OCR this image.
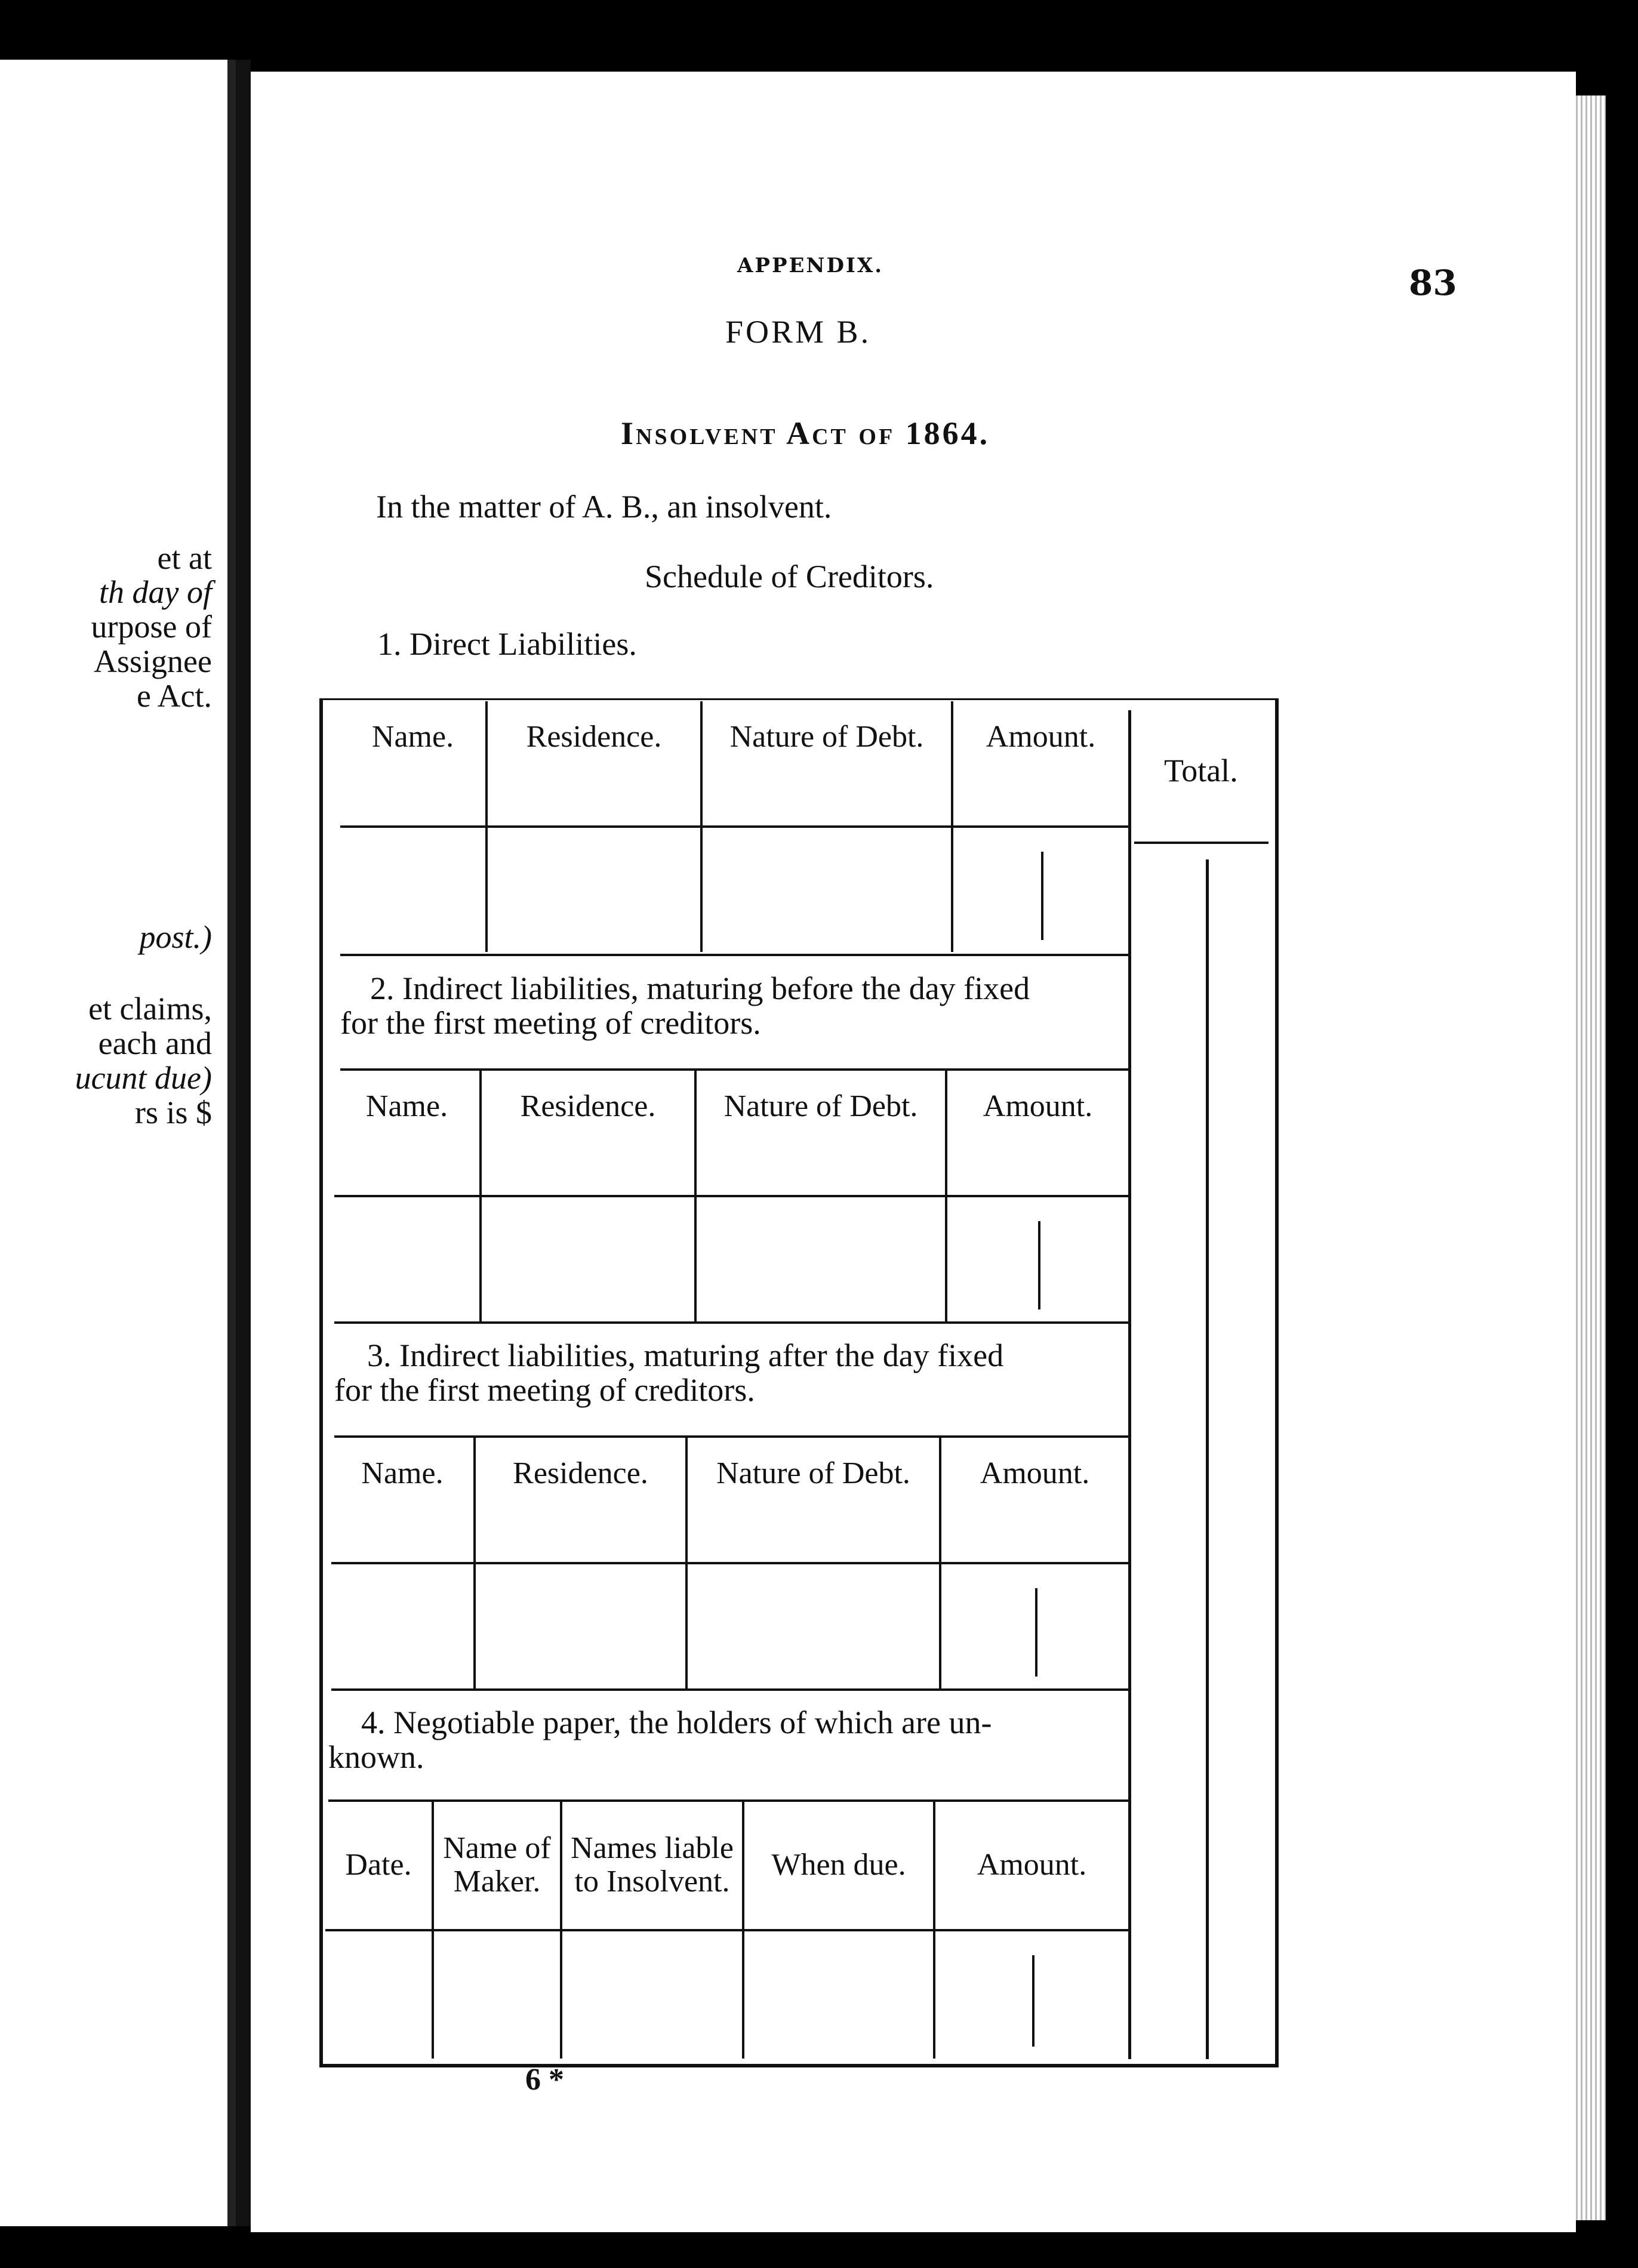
et at
th day of
urpose of
Assignee
e Act.
post.)
et claims,
each and
ucunt due)
rs is $
APPENDIX.	83
FORM B.
Insolvent Act of 1864.
In the matter of A. B., an insolvent.
Schedule of Creditors.
1. Direct Liabilities.
Total.
Name.	Residence.	Nature of Debt.	Amount.

2. Indirect liabilities, maturing before the day fixed
for the first meeting of creditors.
Name.	Residence.	Nature of Debt.	Amount.

3. Indirect liabilities, maturing after the day fixed
for the first meeting of creditors.
Name.	Residence.	Nature of Debt.	Amount.

4. Negotiable paper, the holders of which are un-
known.
Date.	Name of Maker.	Names liable to Insolvent.	When due.	Amount.

6 *
